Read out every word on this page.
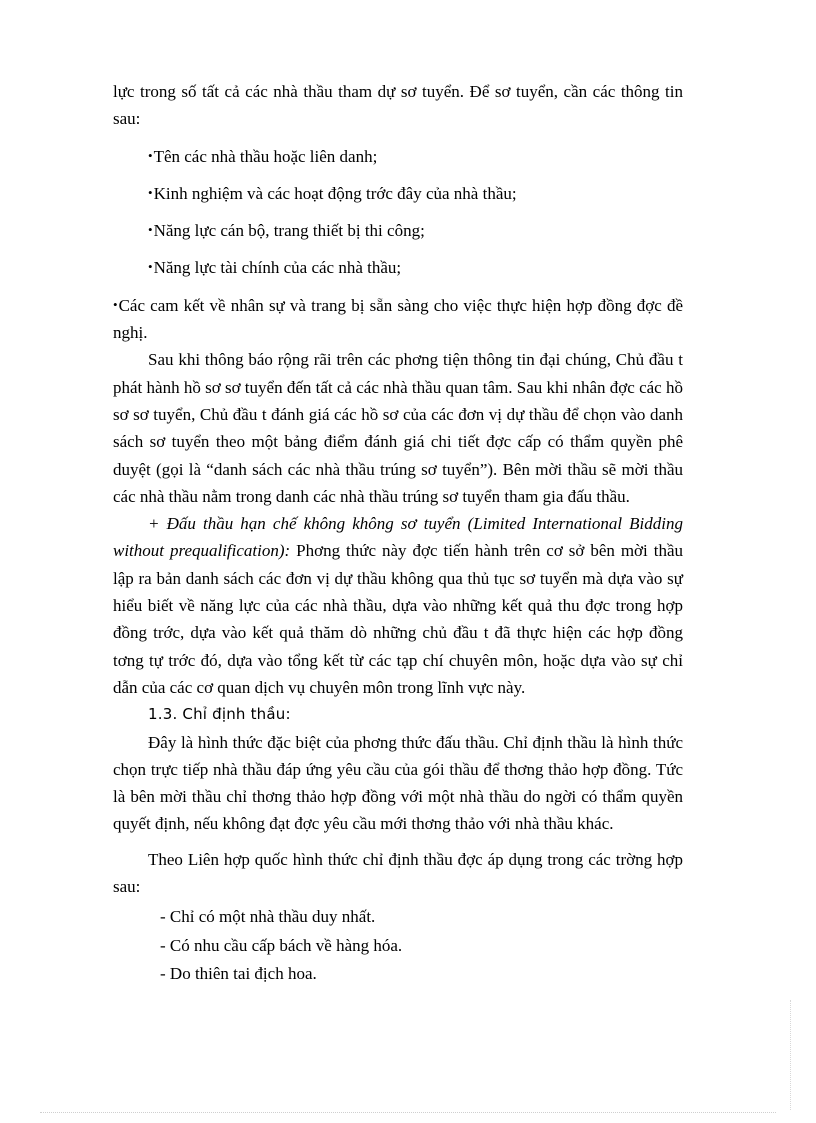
lực trong số tất cả các nhà thầu tham dự sơ tuyển. Để sơ tuyển, cần các thông tin sau:

•Tên các nhà thầu hoặc liên danh;

•Kinh nghiệm và các hoạt động trớc đây của nhà thầu;

•Năng lực cán bộ, trang thiết bị thi công;

•Năng lực tài chính của các nhà thầu;

•Các cam kết về nhân sự và trang bị sẵn sàng cho việc thực hiện hợp đồng đợc đề nghị.

Sau khi thông báo rộng rãi trên các phơng tiện thông tin đại chúng, Chủ đầu t phát hành hồ sơ sơ tuyển đến tất cả các nhà thầu quan tâm. Sau khi nhân đợc các hồ sơ sơ tuyển, Chủ đầu t đánh giá các hồ sơ của các đơn vị dự thầu để chọn vào danh sách sơ tuyển theo một bảng điểm đánh giá chi tiết đợc cấp có thẩm quyền phê duyệt (gọi là “danh sách các nhà thầu trúng sơ tuyển”). Bên mời thầu sẽ mời thầu các nhà thầu nằm trong danh các nhà thầu trúng sơ tuyển tham gia đấu thầu.

+ Đấu thầu hạn chế không không sơ tuyển (Limited International Bidding without prequalification): Phơng thức này đợc tiến hành trên cơ sở bên mời thầu lập ra bản danh sách các đơn vị dự thầu không qua thủ tục sơ tuyển mà dựa vào sự hiểu biết về năng lực của các nhà thầu, dựa vào những kết quả thu đợc trong hợp đồng trớc, dựa vào kết quả thăm dò những chủ đầu t đã thực hiện các hợp đồng tơng tự trớc đó, dựa vào tổng kết từ các tạp chí chuyên môn, hoặc dựa vào sự chỉ dẫn của các cơ quan dịch vụ chuyên môn trong lĩnh vực này.

1.3. Chỉ định thầu:

Đây là hình thức đặc biệt của phơng thức đấu thầu. Chỉ định thầu là hình thức chọn trực tiếp nhà thầu đáp ứng yêu cầu của gói thầu để thơng thảo hợp đồng. Tức là bên mời thầu chỉ thơng thảo hợp đồng với một nhà thầu do ngời có thẩm quyền quyết định, nếu không đạt đợc yêu cầu mới thơng thảo với nhà thầu khác.

Theo Liên hợp quốc hình thức chỉ định thầu đợc áp dụng trong các trờng hợp sau:

- Chỉ có một nhà thầu duy nhất.

- Có nhu cầu cấp bách về hàng hóa.

- Do thiên tai địch hoa.
